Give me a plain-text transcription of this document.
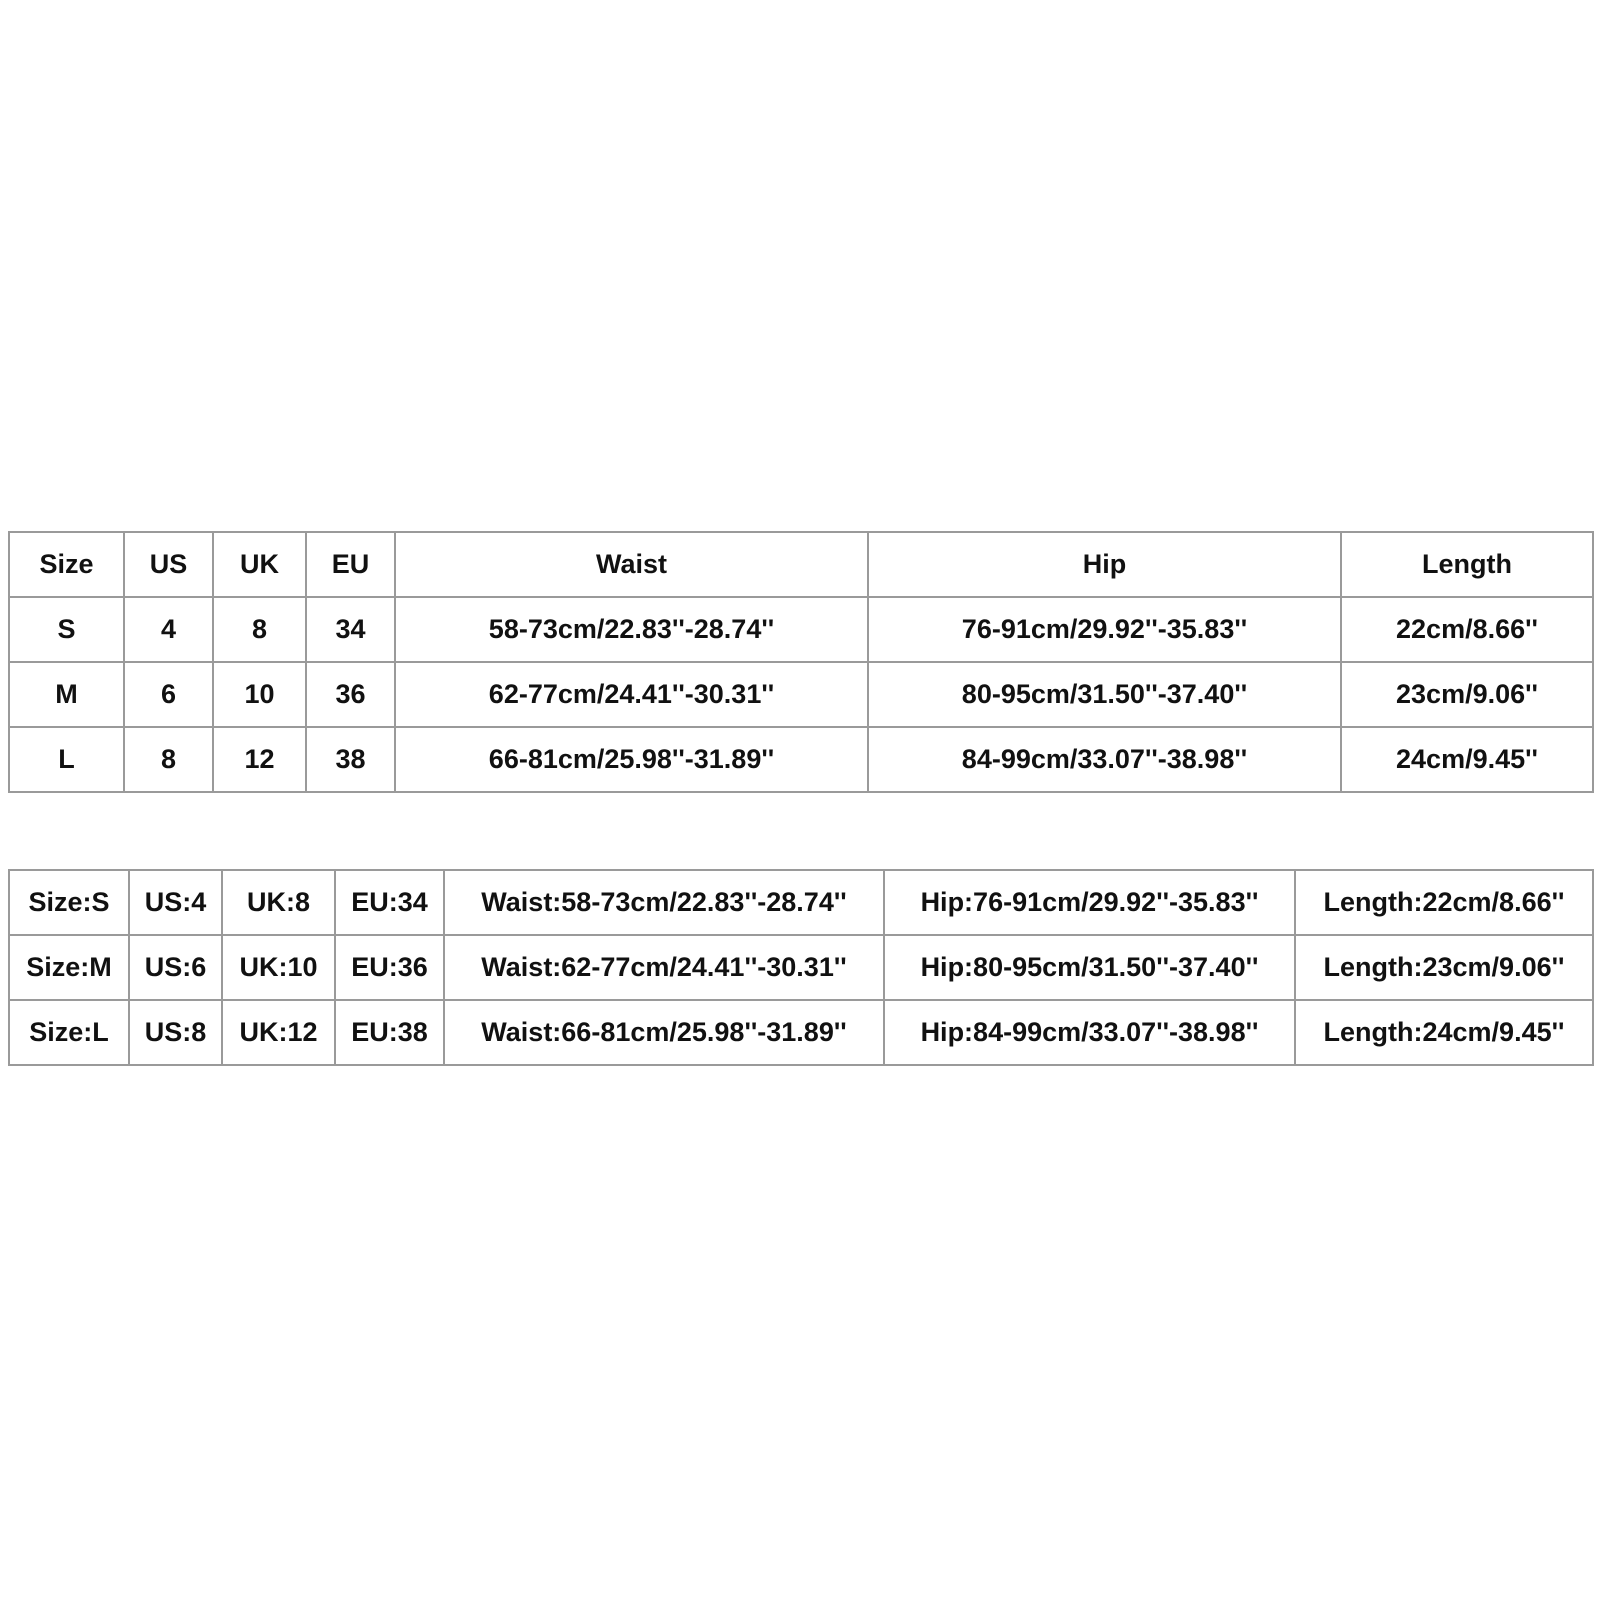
Size	US	UK	EU	Waist	Hip	Length
S	4	8	34	58-73cm/22.83''-28.74''	76-91cm/29.92''-35.83''	22cm/8.66''
M	6	10	36	62-77cm/24.41''-30.31''	80-95cm/31.50''-37.40''	23cm/9.06''
L	8	12	38	66-81cm/25.98''-31.89''	84-99cm/33.07''-38.98''	24cm/9.45''
Size:S	US:4	UK:8	EU:34	Waist:58-73cm/22.83''-28.74''	Hip:76-91cm/29.92''-35.83''	Length:22cm/8.66''
Size:M	US:6	UK:10	EU:36	Waist:62-77cm/24.41''-30.31''	Hip:80-95cm/31.50''-37.40''	Length:23cm/9.06''
Size:L	US:8	UK:12	EU:38	Waist:66-81cm/25.98''-31.89''	Hip:84-99cm/33.07''-38.98''	Length:24cm/9.45''
